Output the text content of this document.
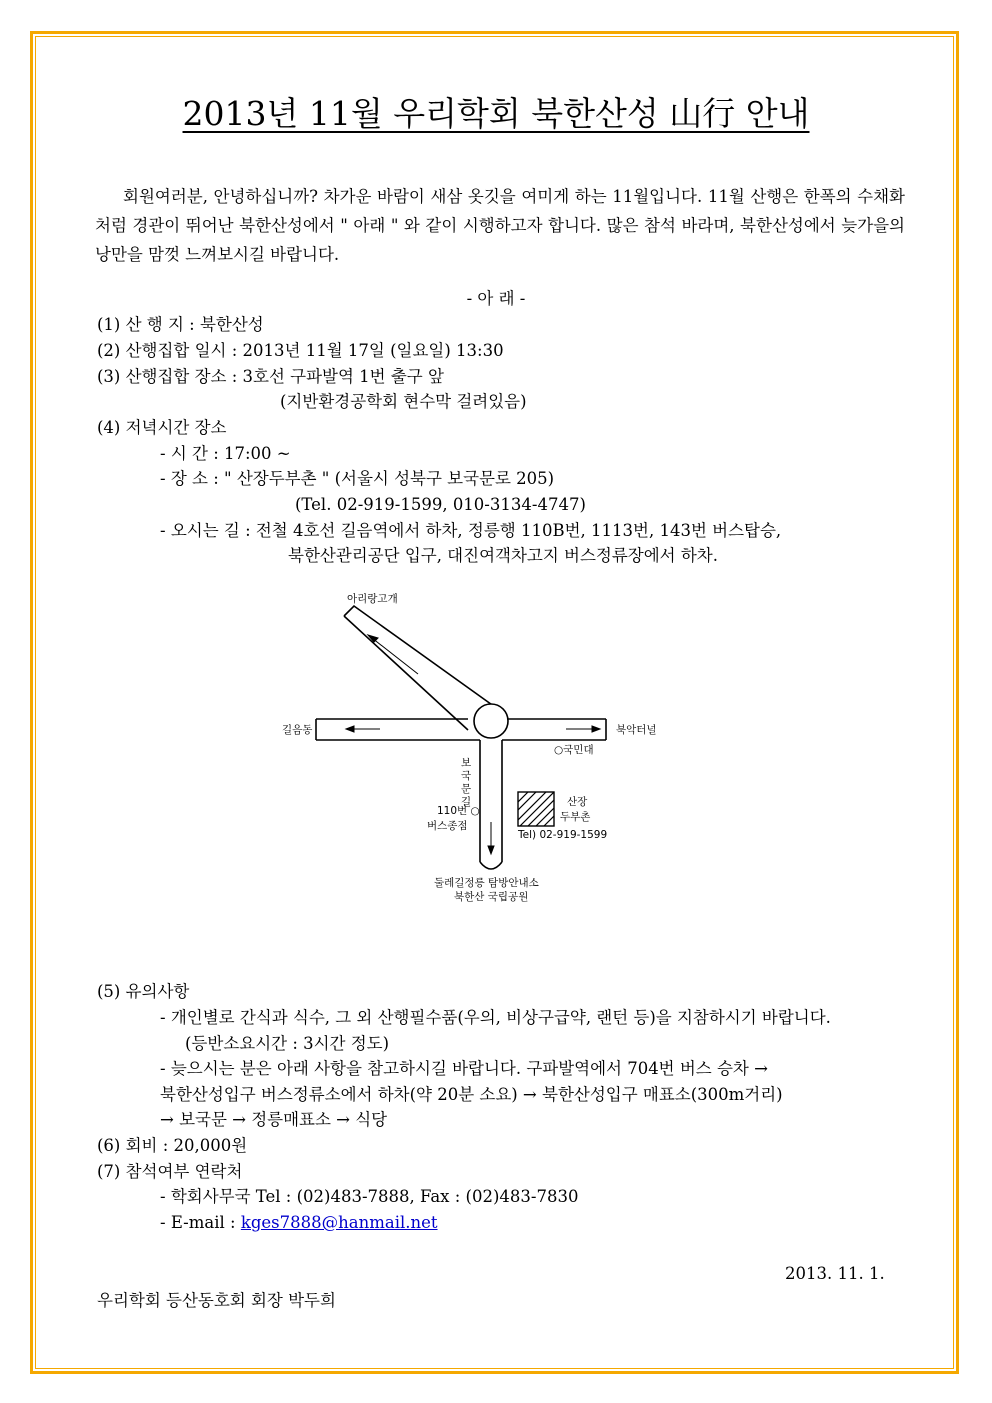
2013년 11월 우리학회 북한산성 山行 안내
회원여러분, 안녕하십니까? 차가운 바람이 새삼 옷깃을 여미게 하는 11월입니다. 11월 산행은 한폭의 수채화처럼 경관이 뛰어난 북한산성에서 " 아래 " 와 같이 시행하고자 합니다. 많은 참석 바라며, 북한산성에서 늦가을의 낭만을 맘껏 느껴보시길 바랍니다.
- 아 래 -
(1) 산 행 지 : 북한산성
(2) 산행집합 일시 : 2013년 11월 17일 (일요일) 13:30
(3) 산행집합 장소 : 3호선 구파발역 1번 출구 앞
(지반환경공학회 현수막 걸려있음)
(4) 저녁시간 장소
- 시 간 : 17:00 ~
- 장 소 : " 산장두부촌 " (서울시 성북구 보국문로 205)
(Tel. 02-919-1599, 010-3134-4747)
- 오시는 길 : 전철 4호선 길음역에서 하차, 정릉행 110B번, 1113번, 143번 버스탑승,
북한산관리공단 입구, 대진여객차고지 버스정류장에서 하차.
아리랑고개
길음동	북악터널
○국민대
보
국
문
길
110번 ○
버스종점
산장
두부촌
Tel) 02-919-1599
둘레길정릉 탐방안내소
북한산 국립공원
(5) 유의사항
- 개인별로 간식과 식수, 그 외 산행필수품(우의, 비상구급약, 랜턴 등)을 지참하시기 바랍니다.
(등반소요시간 : 3시간 정도)
- 늦으시는 분은 아래 사항을 참고하시길 바랍니다. 구파발역에서 704번 버스 승차 →
북한산성입구 버스정류소에서 하차(약 20분 소요) → 북한산성입구 매표소(300m거리)
→ 보국문 → 정릉매표소 → 식당
(6) 회비 : 20,000원
(7) 참석여부 연락처
- 학회사무국 Tel : (02)483-7888, Fax : (02)483-7830
- E-mail : kges7888@hanmail.net
2013. 11. 1.
우리학회 등산동호회 회장 박두희
